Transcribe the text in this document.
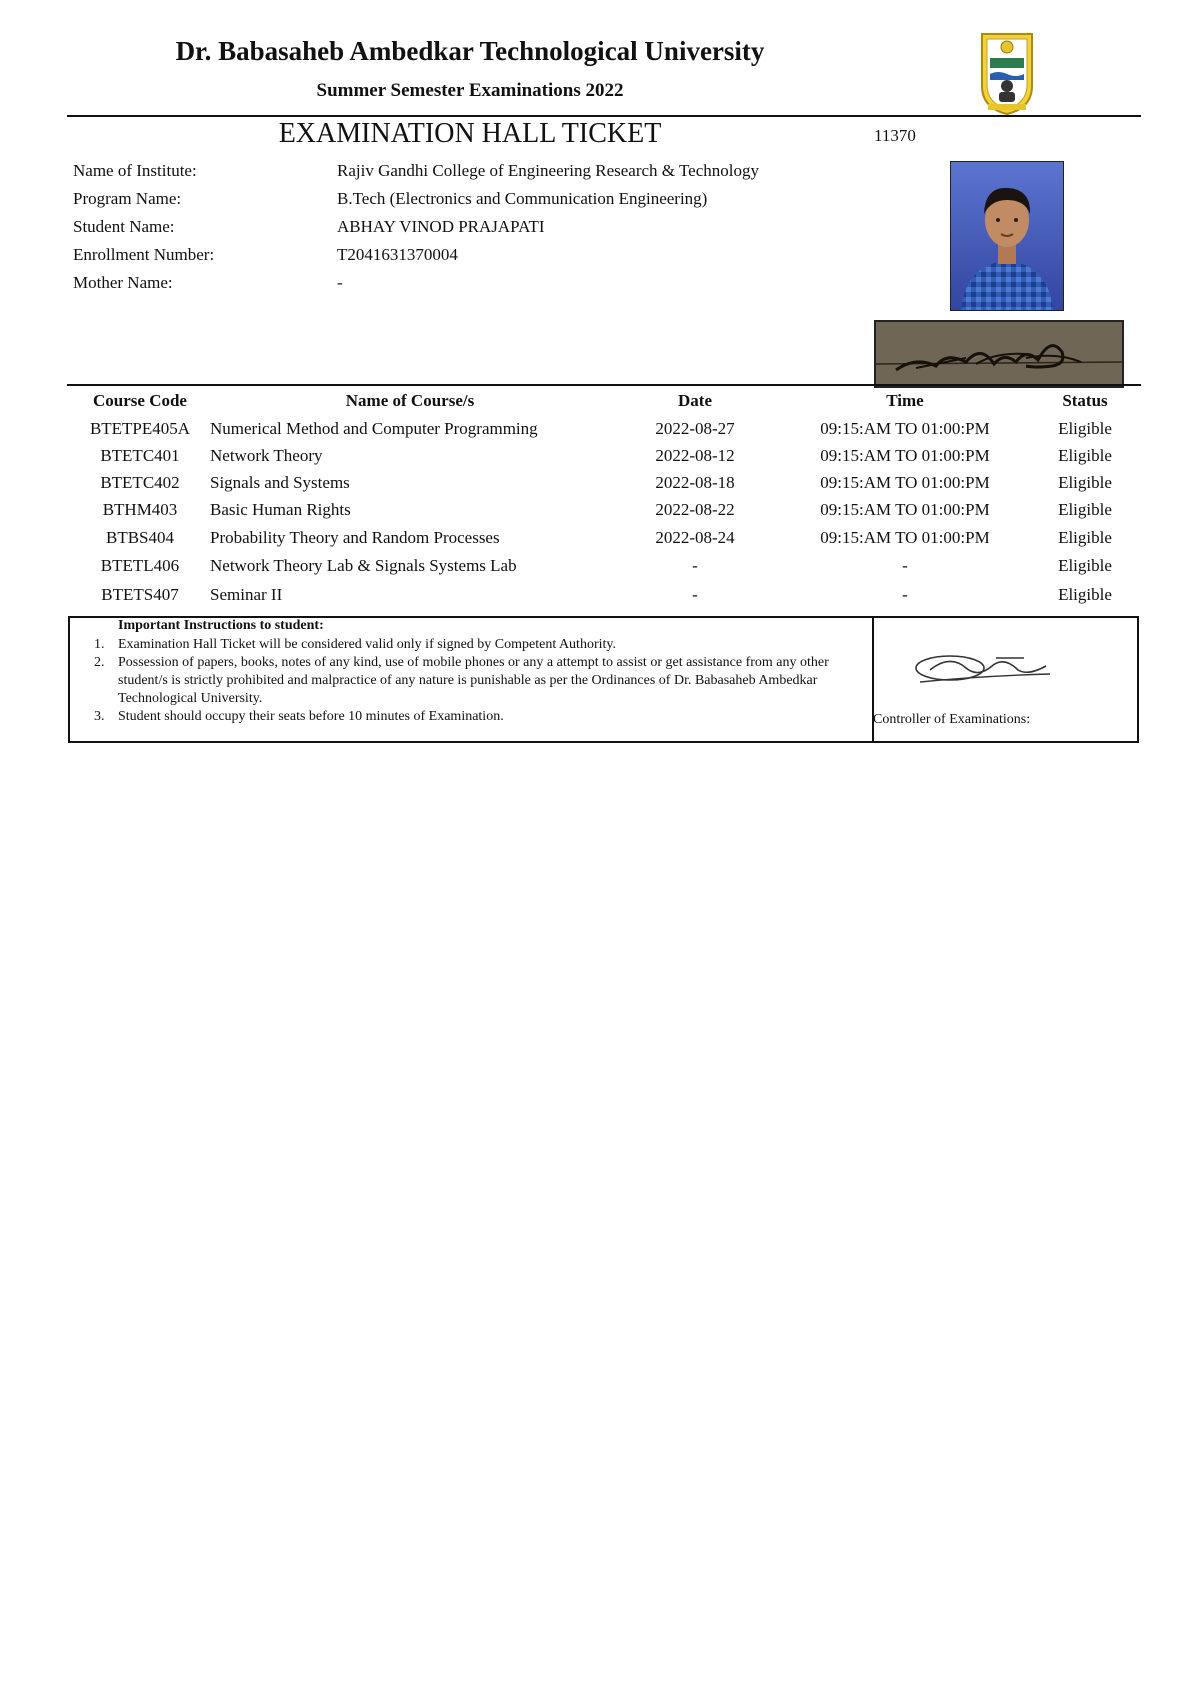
Dr. Babasaheb Ambedkar Technological University
Summer Semester Examinations 2022
EXAMINATION HALL TICKET	11370
Name of Institute:	Rajiv Gandhi College of Engineering Research & Technology
Program Name:	B.Tech (Electronics and Communication Engineering)
Student Name:	ABHAY VINOD PRAJAPATI
Enrollment Number:	T2041631370004
Mother Name:	-
Course Code	Name of Course/s	Date	Time	Status
BTETPE405A	Numerical Method and Computer Programming	2022-08-27	09:15:AM TO 01:00:PM	Eligible
BTETC401	Network Theory	2022-08-12	09:15:AM TO 01:00:PM	Eligible
BTETC402	Signals and Systems	2022-08-18	09:15:AM TO 01:00:PM	Eligible
BTHM403	Basic Human Rights	2022-08-22	09:15:AM TO 01:00:PM	Eligible
BTBS404	Probability Theory and Random Processes	2022-08-24	09:15:AM TO 01:00:PM	Eligible
BTETL406	Network Theory Lab & Signals Systems Lab	-	-	Eligible
BTETS407	Seminar II	-	-	Eligible
Important Instructions to student:
1. Examination Hall Ticket will be considered valid only if signed by Competent Authority.
2. Possession of papers, books, notes of any kind, use of mobile phones or any a attempt to assist or get assistance from any other student/s is strictly prohibited and malpractice of any nature is punishable as per the Ordinances of Dr. Babasaheb Ambedkar Technological University.
3. Student should occupy their seats before 10 minutes of Examination.	Controller of Examinations:
